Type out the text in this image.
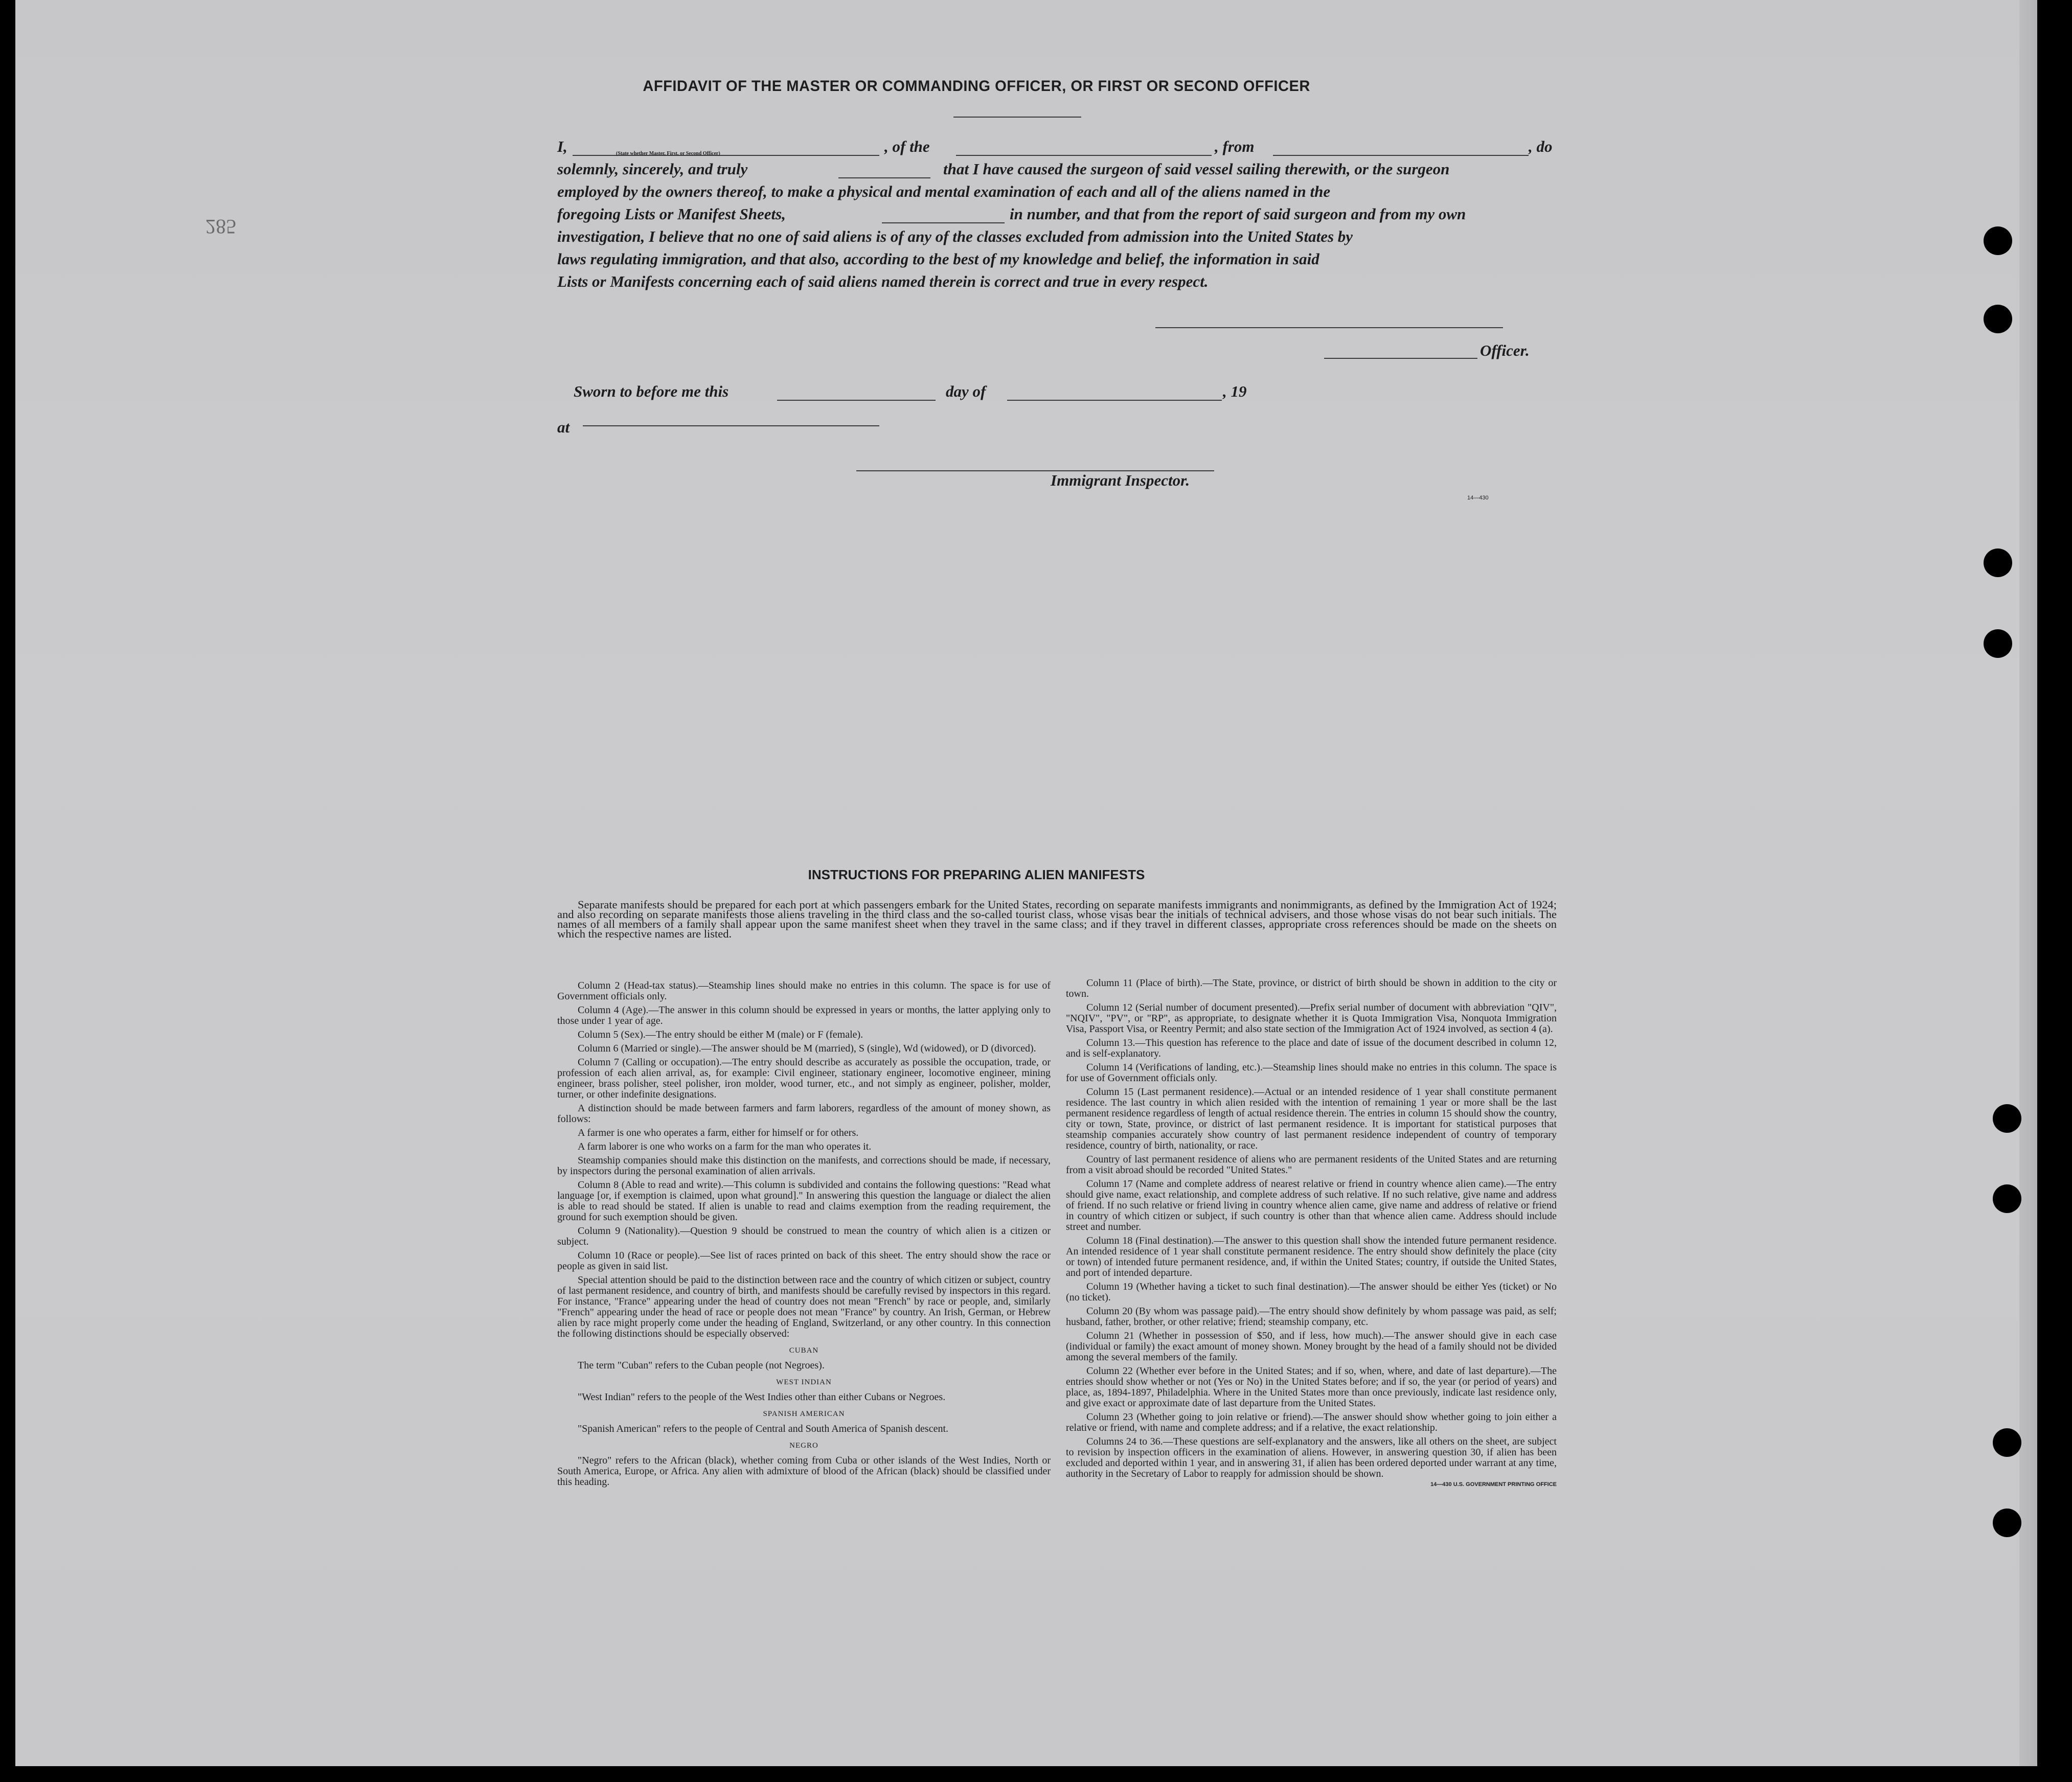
AFFIDAVIT OF THE MASTER OR COMMANDING OFFICER, OR FIRST OR SECOND OFFICER
285

I,	(State whether Master, First, or Second Officer)	, of the	, from	, do

solemnly, sincerely, and truly	that I have caused the surgeon of said vessel sailing therewith, or the surgeon

employed by the owners thereof, to make a physical and mental examination of each and all of the aliens named in the

foregoing Lists or Manifest Sheets,	in number, and that from the report of said surgeon and from my own

investigation, I believe that no one of said aliens is of any of the classes excluded from admission into the United States by

laws regulating immigration, and that also, according to the best of my knowledge and belief, the information in said

Lists or Manifests concerning each of said aliens named therein is correct and true in every respect.

Officer.
Sworn to before me this	day of	, 19
at
Immigrant Inspector.
14—430
INSTRUCTIONS FOR PREPARING ALIEN MANIFESTS

Separate manifests should be prepared for each port at which passengers embark for the United States, recording on separate manifests immigrants and nonimmigrants, as defined by the Immigration Act of 1924; and also recording on separate manifests those aliens traveling in the third class and the so-called tourist class, whose visas bear the initials of technical advisers, and those whose visas do not bear such initials. The names of all members of a family shall appear upon the same manifest sheet when they travel in the same class; and if they travel in different classes, appropriate cross references should be made on the sheets on which the respective names are listed.

Column 2 (Head-tax status).—Steamship lines should make no entries in this column. The space is for use of Government officials only.

Column 4 (Age).—The answer in this column should be expressed in years or months, the latter applying only to those under 1 year of age.

Column 5 (Sex).—The entry should be either M (male) or F (female).

Column 6 (Married or single).—The answer should be M (married), S (single), Wd (widowed), or D (divorced).

Column 7 (Calling or occupation).—The entry should describe as accurately as possible the occupation, trade, or profession of each alien arrival, as, for example: Civil engineer, stationary engineer, locomotive engineer, mining engineer, brass polisher, steel polisher, iron molder, wood turner, etc., and not simply as engineer, polisher, molder, turner, or other indefinite designations.

A distinction should be made between farmers and farm laborers, regardless of the amount of money shown, as follows:

A farmer is one who operates a farm, either for himself or for others.

A farm laborer is one who works on a farm for the man who operates it.

Steamship companies should make this distinction on the manifests, and corrections should be made, if necessary, by inspectors during the personal examination of alien arrivals.

Column 8 (Able to read and write).—This column is subdivided and contains the following questions: "Read what language [or, if exemption is claimed, upon what ground]." In answering this question the language or dialect the alien is able to read should be stated. If alien is unable to read and claims exemption from the reading requirement, the ground for such exemption should be given.

Column 9 (Nationality).—Question 9 should be construed to mean the country of which alien is a citizen or subject.

Column 10 (Race or people).—See list of races printed on back of this sheet. The entry should show the race or people as given in said list.

Special attention should be paid to the distinction between race and the country of which citizen or subject, country of last permanent residence, and country of birth, and manifests should be carefully revised by inspectors in this regard. For instance, "France" appearing under the head of country does not mean "French" by race or people, and, similarly "French" appearing under the head of race or people does not mean "France" by country. An Irish, German, or Hebrew alien by race might properly come under the heading of England, Switzerland, or any other country. In this connection the following distinctions should be especially observed:

CUBAN

The term "Cuban" refers to the Cuban people (not Negroes).

WEST INDIAN

"West Indian" refers to the people of the West Indies other than either Cubans or Negroes.

SPANISH AMERICAN

"Spanish American" refers to the people of Central and South America of Spanish descent.

NEGRO

"Negro" refers to the African (black), whether coming from Cuba or other islands of the West Indies, North or South America, Europe, or Africa. Any alien with admixture of blood of the African (black) should be classified under this heading.

Column 11 (Place of birth).—The State, province, or district of birth should be shown in addition to the city or town.

Column 12 (Serial number of document presented).—Prefix serial number of document with abbreviation "QIV", "NQIV", "PV", or "RP", as appropriate, to designate whether it is Quota Immigration Visa, Nonquota Immigration Visa, Passport Visa, or Reentry Permit; and also state section of the Immigration Act of 1924 involved, as section 4 (a).

Column 13.—This question has reference to the place and date of issue of the document described in column 12, and is self-explanatory.

Column 14 (Verifications of landing, etc.).—Steamship lines should make no entries in this column. The space is for use of Government officials only.

Column 15 (Last permanent residence).—Actual or an intended residence of 1 year shall constitute permanent residence. The last country in which alien resided with the intention of remaining 1 year or more shall be the last permanent residence regardless of length of actual residence therein. The entries in column 15 should show the country, city or town, State, province, or district of last permanent residence. It is important for statistical purposes that steamship companies accurately show country of last permanent residence independent of country of temporary residence, country of birth, nationality, or race.

Country of last permanent residence of aliens who are permanent residents of the United States and are returning from a visit abroad should be recorded "United States."

Column 17 (Name and complete address of nearest relative or friend in country whence alien came).—The entry should give name, exact relationship, and complete address of such relative. If no such relative, give name and address of friend. If no such relative or friend living in country whence alien came, give name and address of relative or friend in country of which citizen or subject, if such country is other than that whence alien came. Address should include street and number.

Column 18 (Final destination).—The answer to this question shall show the intended future permanent residence. An intended residence of 1 year shall constitute permanent residence. The entry should show definitely the place (city or town) of intended future permanent residence, and, if within the United States; country, if outside the United States, and port of intended departure.

Column 19 (Whether having a ticket to such final destination).—The answer should be either Yes (ticket) or No (no ticket).

Column 20 (By whom was passage paid).—The entry should show definitely by whom passage was paid, as self; husband, father, brother, or other relative; friend; steamship company, etc.

Column 21 (Whether in possession of $50, and if less, how much).—The answer should give in each case (individual or family) the exact amount of money shown. Money brought by the head of a family should not be divided among the several members of the family.

Column 22 (Whether ever before in the United States; and if so, when, where, and date of last departure).—The entries should show whether or not (Yes or No) in the United States before; and if so, the year (or period of years) and place, as, 1894-1897, Philadelphia. Where in the United States more than once previously, indicate last residence only, and give exact or approximate date of last departure from the United States.

Column 23 (Whether going to join relative or friend).—The answer should show whether going to join either a relative or friend, with name and complete address; and if a relative, the exact relationship.

Columns 24 to 36.—These questions are self-explanatory and the answers, like all others on the sheet, are subject to revision by inspection officers in the examination of aliens. However, in answering question 30, if alien has been excluded and deported within 1 year, and in answering 31, if alien has been ordered deported under warrant at any time, authority in the Secretary of Labor to reapply for admission should be shown.

14—430 U.S. GOVERNMENT PRINTING OFFICE
